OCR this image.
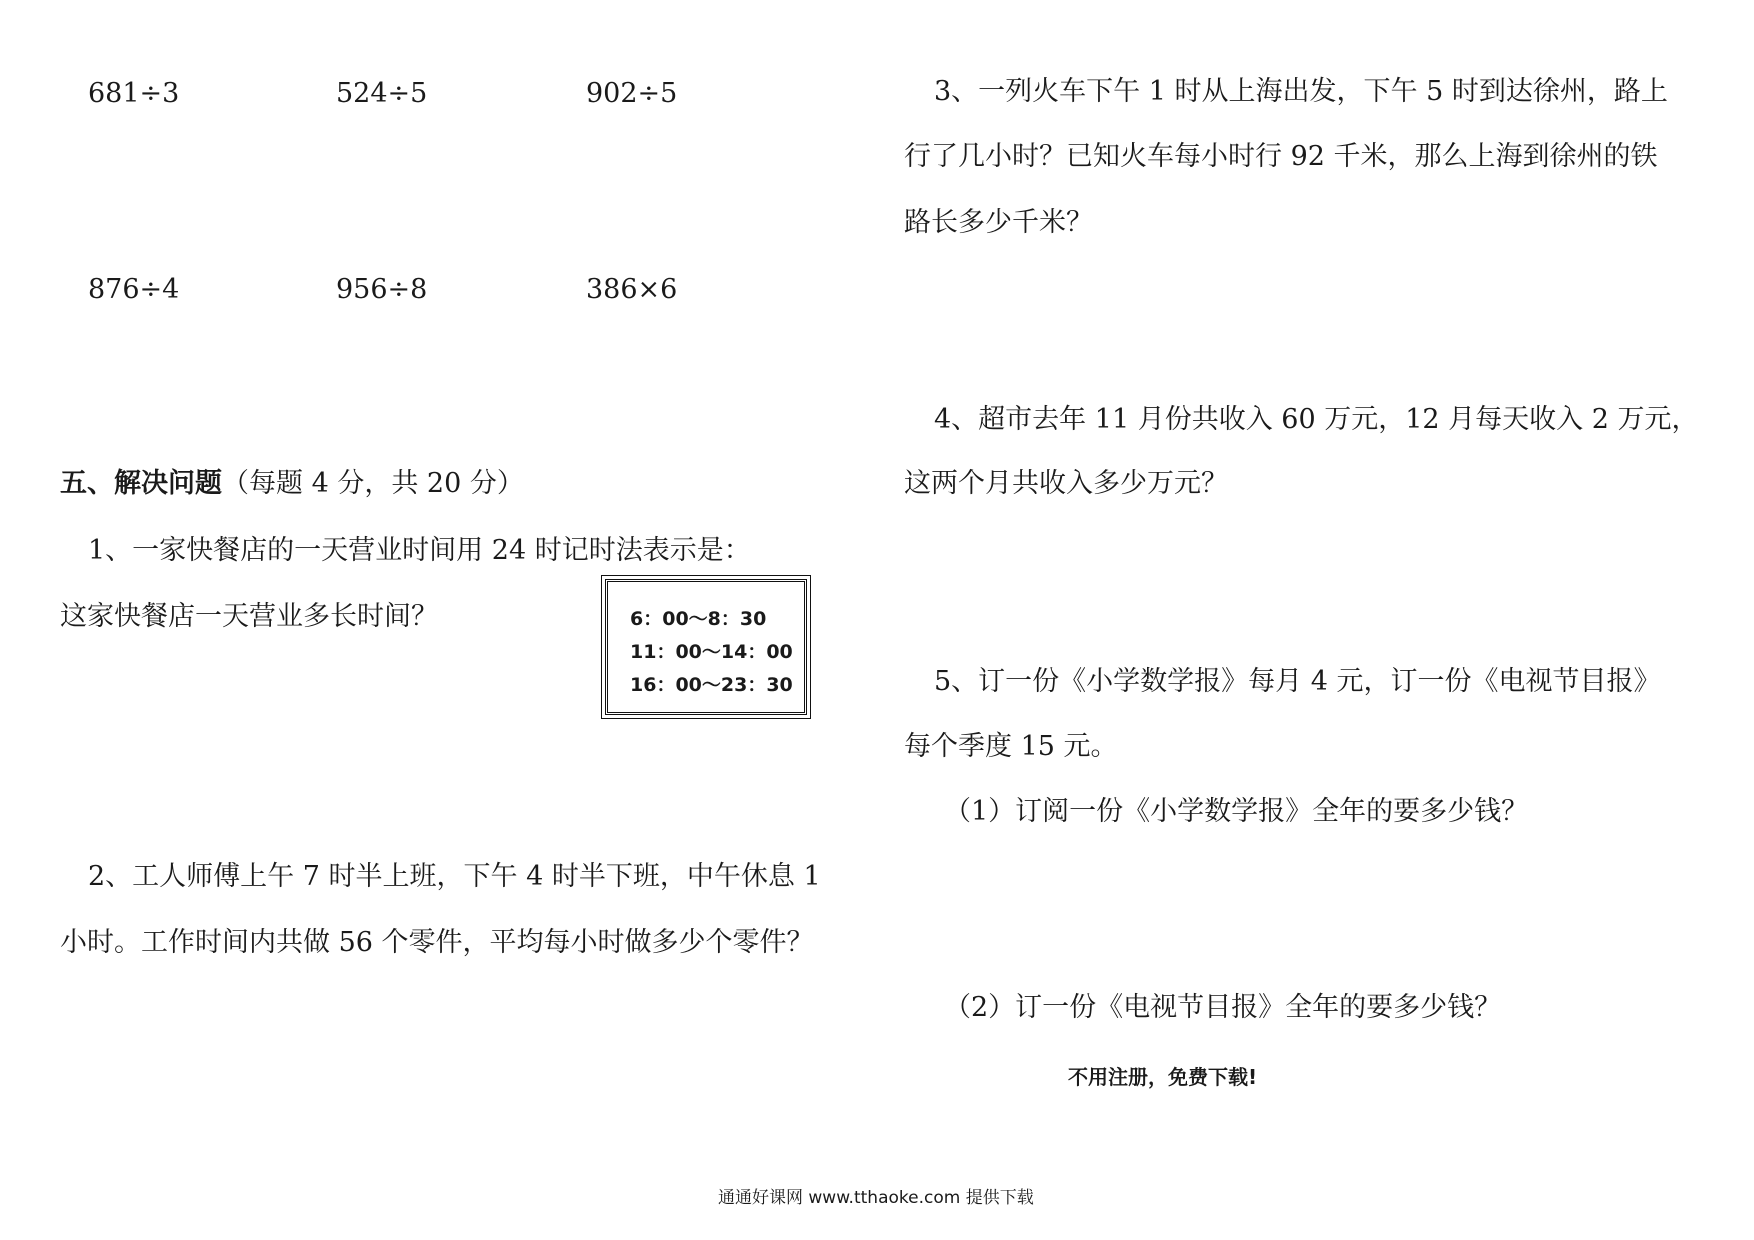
681÷3	524÷5	902÷5
876÷4	956÷8	386×6
五、解决问题（每题 4 分，共 20 分）
1、一家快餐店的一天营业时间用 24 时记时法表示是：
这家快餐店一天营业多长时间？	6：00～8：30
11：00～14：00
16：00～23：30
2、工人师傅上午 7 时半上班，下午 4 时半下班，中午休息 1
小时。工作时间内共做 56 个零件，平均每小时做多少个零件？
3、一列火车下午 1 时从上海出发，下午 5 时到达徐州，路上
行了几小时？已知火车每小时行 92 千米，那么上海到徐州的铁
路长多少千米？
4、超市去年 11 月份共收入 60 万元，12 月每天收入 2 万元，
这两个月共收入多少万元？
5、订一份《小学数学报》每月 4 元，订一份《电视节目报》
每个季度 15 元。
（1）订阅一份《小学数学报》全年的要多少钱？
（2）订一份《电视节目报》全年的要多少钱？
不用注册，免费下载!
通通好课网 www.tthaoke.com 提供下载
